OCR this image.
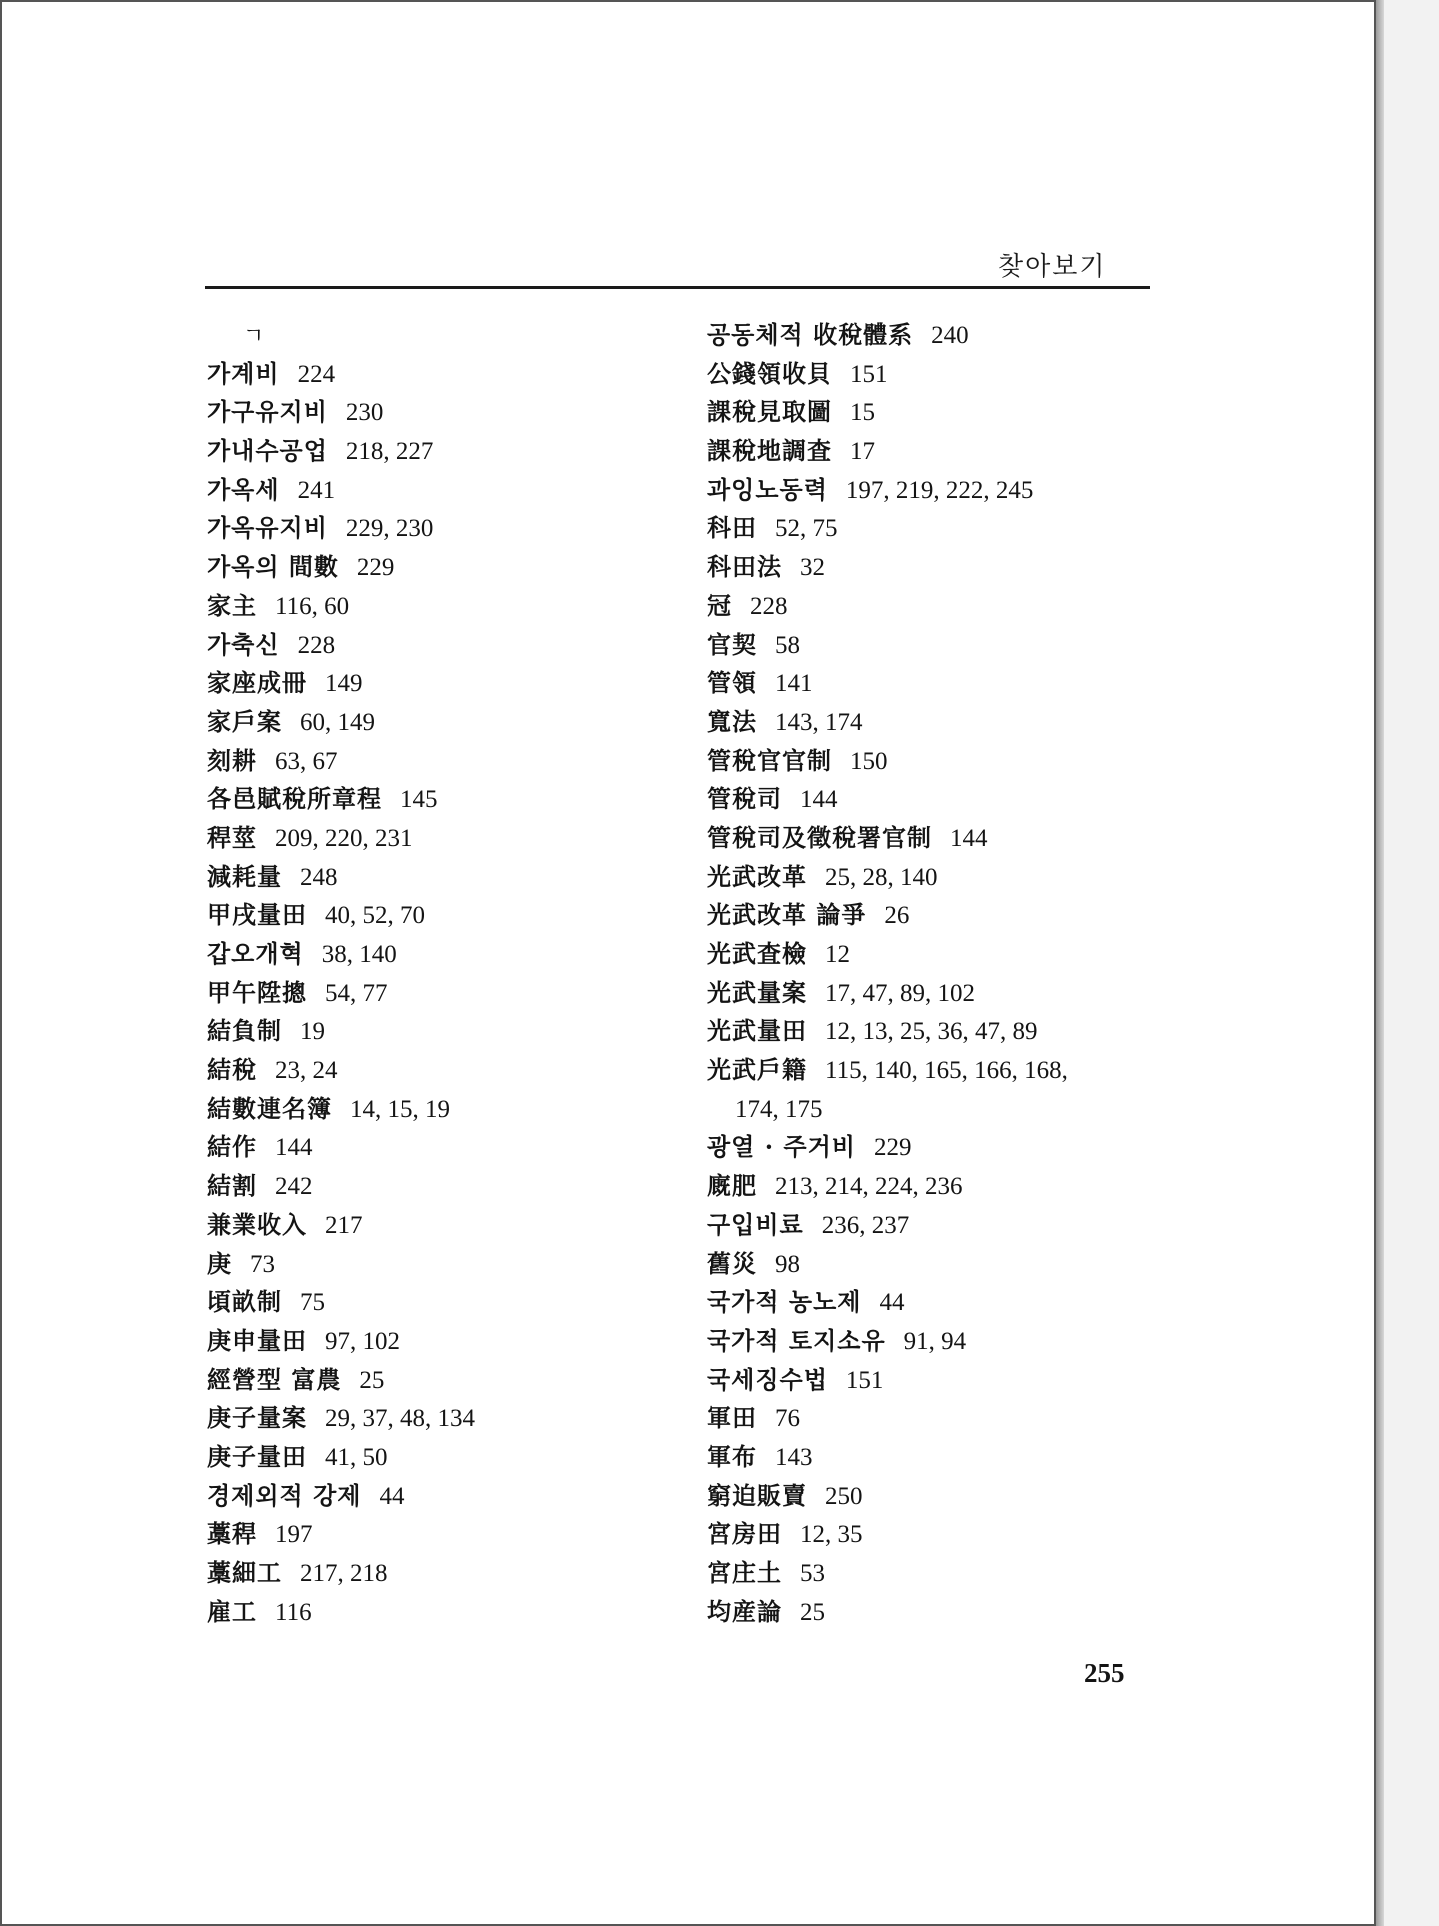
찾아보기
ㄱ
가계비 224
가구유지비 230
가내수공업 218, 227
가옥세 241
가옥유지비 229, 230
가옥의 間數 229
家主 116, 60
가축신 228
家座成冊 149
家戶案 60, 149
刻耕 63, 67
各邑賦稅所章程 145
稈莖 209, 220, 231
減耗量 248
甲戌量田 40, 52, 70
갑오개혁 38, 140
甲午陞摠 54, 77
結負制 19
結稅 23, 24
結數連名簿 14, 15, 19
結作 144
結割 242
兼業收入 217
庚 73
頃畝制 75
庚申量田 97, 102
經營型 富農 25
庚子量案 29, 37, 48, 134
庚子量田 41, 50
경제외적 강제 44
藁稈 197
藁細工 217, 218
雇工 116
공동체적 收稅體系 240
公錢領收貝 151
課稅見取圖 15
課稅地調査 17
과잉노동력 197, 219, 222, 245
科田 52, 75
科田法 32
冠 228
官契 58
管領 141
寬法 143, 174
管稅官官制 150
管稅司 144
管稅司及徵稅署官制 144
光武改革 25, 28, 140
光武改革 論爭 26
光武査檢 12
光武量案 17, 47, 89, 102
光武量田 12, 13, 25, 36, 47, 89
光武戶籍 115, 140, 165, 166, 168,
174, 175
광열 · 주거비 229
廐肥 213, 214, 224, 236
구입비료 236, 237
舊災 98
국가적 농노제 44
국가적 토지소유 91, 94
국세징수법 151
軍田 76
軍布 143
窮迫販賣 250
宮房田 12, 35
宮庄土 53
均産論 25
255
